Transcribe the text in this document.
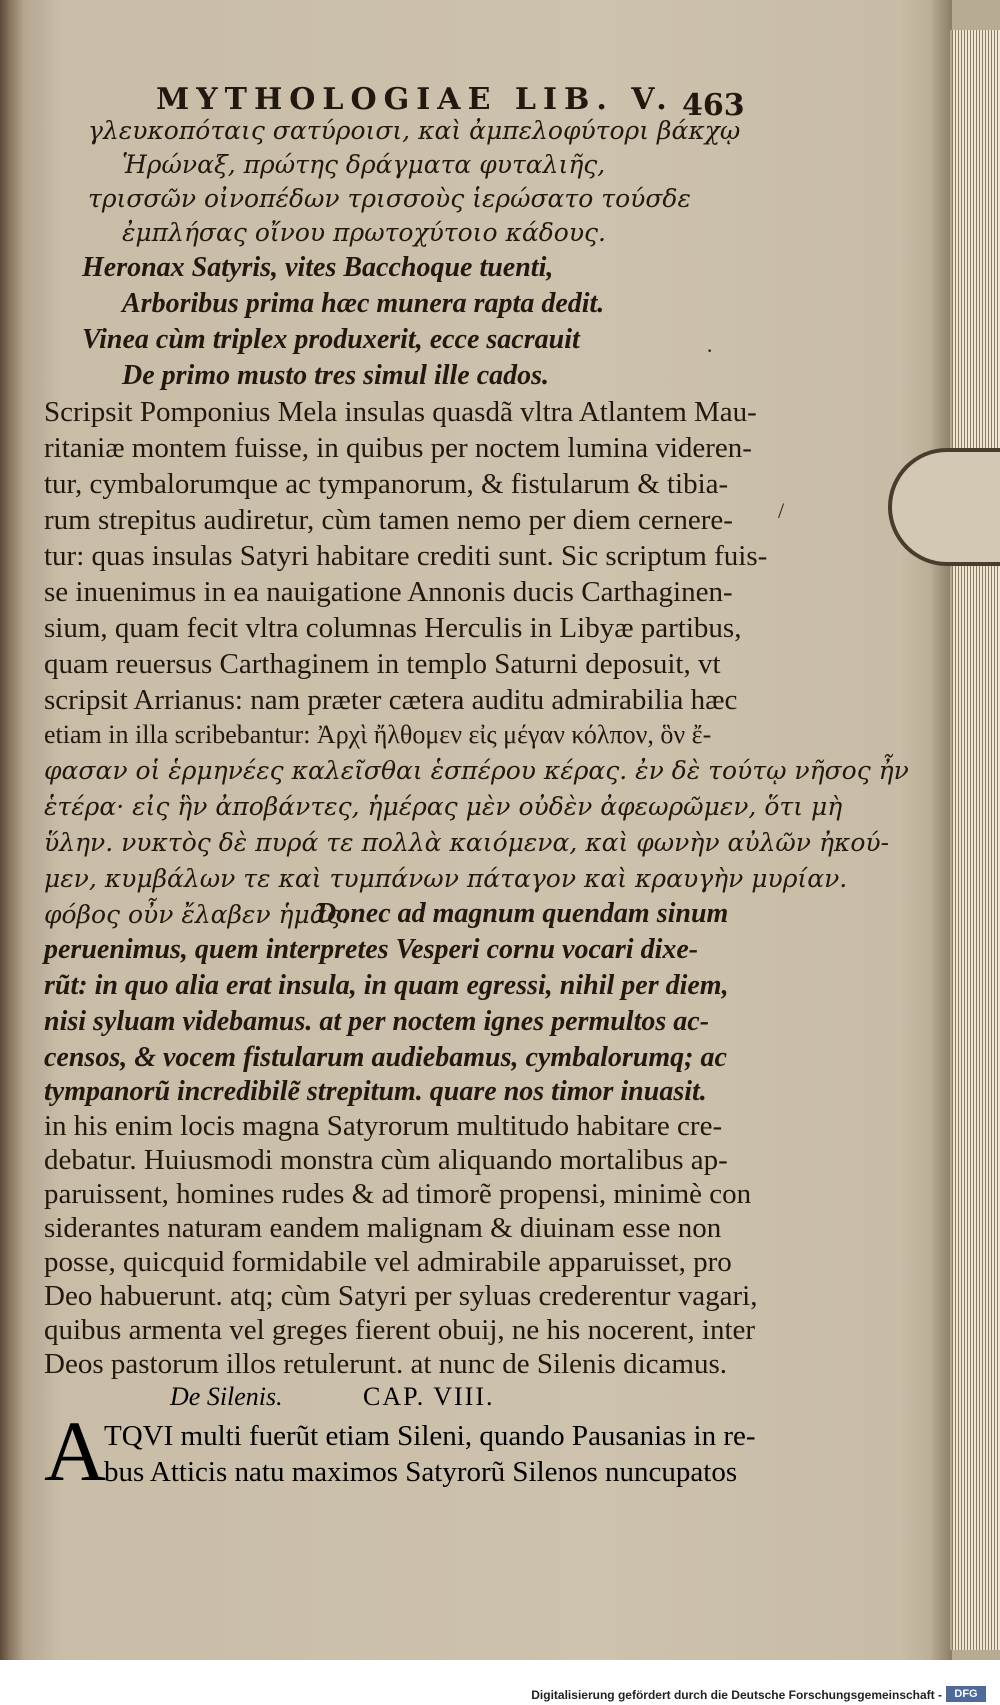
MYTHOLOGIAE LIB. V. 463
γλευκοπόταις σατύροισι, καὶ ἀμπελοφύτορι βάκχῳ
Ἡρώναξ, πρώτης δράγματα φυταλιῆς,
τρισσῶν οἰνοπέδων τρισσοὺς ἱερώσατο τούσδε
ἐμπλήσας οἴνου πρωτοχύτοιο κάδους.
Heronax Satyris, vites Bacchoque tuenti,
Arboribus prima hæc munera rapta dedit.
Vinea cùm triplex produxerit, ecce sacrauit
De primo musto tres simul ille cados.
Scripsit Pomponius Mela insulas quasdã vltra Atlantem Mau-
ritaniæ montem fuisse, in quibus per noctem lumina videren-
tur, cymbalorumque ac tympanorum, & fistularum & tibia-
rum strepitus audiretur, cùm tamen nemo per diem cernere-
tur: quas insulas Satyri habitare crediti sunt. Sic scriptum fuis-
se inuenimus in ea nauigatione Annonis ducis Carthaginen-
sium, quam fecit vltra columnas Herculis in Libyæ partibus,
quam reuersus Carthaginem in templo Saturni deposuit, vt
scripsit Arrianus: nam præter cætera auditu admirabilia hæc
etiam in illa scribebantur: Ἀρχὶ ἤλθομεν εἰς μέγαν κόλπον, ὃν ἔ-
φασαν οἱ ἑρμηνέες καλεῖσθαι ἑσπέρου κέρας. ἐν δὲ τούτῳ νῆσος ἦν
ἑτέρα· εἰς ἣν ἀποβάντες, ἡμέρας μὲν οὐδὲν ἀφεωρῶμεν, ὅτι μὴ
ὕλην. νυκτὸς δὲ πυρά τε πολλὰ καιόμενα, καὶ φωνὴν αὐλῶν ἠκού-
μεν, κυμβάλων τε καὶ τυμπάνων πάταγον καὶ κραυγὴν μυρίαν.
φόβος οὖν ἔλαβεν ἡμᾶς.
Donec ad magnum quendam sinum
peruenimus, quem interpretes Vesperi cornu vocari dixe-
rũt: in quo alia erat insula, in quam egressi, nihil per diem,
nisi syluam videbamus. at per noctem ignes permultos ac-
censos, & vocem fistularum audiebamus, cymbalorumq; ac
tympanorũ incredibilẽ strepitum. quare nos timor inuasit.
in his enim locis magna Satyrorum multitudo habitare cre-
debatur. Huiusmodi monstra cùm aliquando mortalibus ap-
paruissent, homines rudes & ad timorẽ propensi, minimè con
siderantes naturam eandem malignam & diuinam esse non
posse, quicquid formidabile vel admirabile apparuisset, pro
Deo habuerunt. atq; cùm Satyri per syluas crederentur vagari,
quibus armenta vel greges fierent obuij, ne his nocerent, inter
Deos pastorum illos retulerunt. at nunc de Silenis dicamus.
De Silenis.	CAP. VIII.
A
TQVI multi fuerũt etiam Sileni, quando Pausanias in re-
bus Atticis natu maximos Satyrorũ Silenos nuncupatos
·
/
Digitalisierung gefördert durch die Deutsche Forschungsgemeinschaft -	DFG
